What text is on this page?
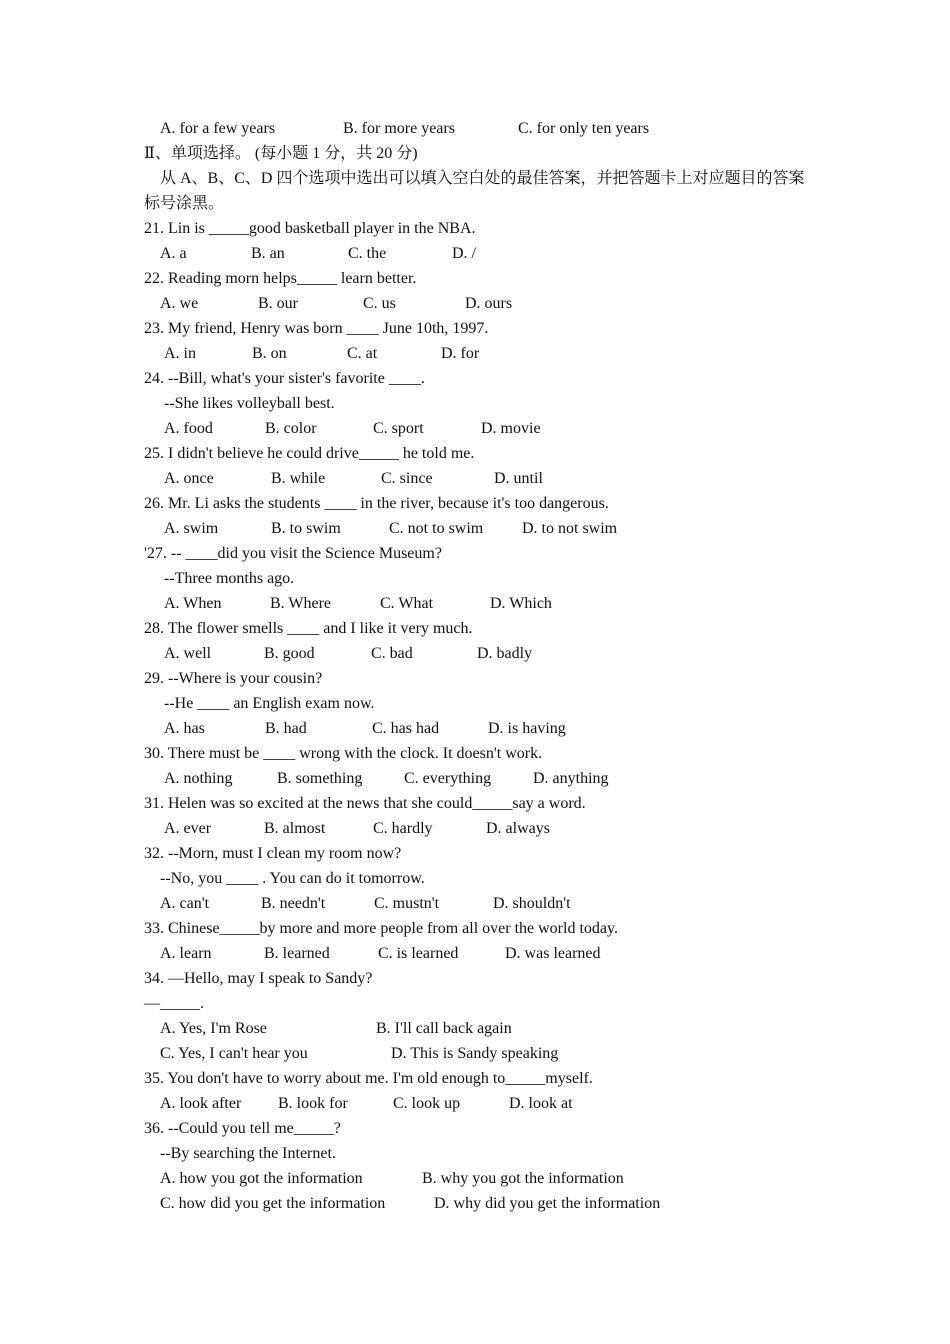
A. for a few years	B. for more years	C. for only ten years
Ⅱ、单项选择。 (每小题 1 分，共 20 分)
从 A、B、C、D 四个选项中选出可以填入空白处的最佳答案，并把答题卡上对应题目的答案
标号涂黑。
21. Lin is _____good basketball player in the NBA.
A. a	B. an	C. the	D. /
22. Reading morn helps_____ learn better.
A. we	B. our	C. us	D. ours
23. My friend, Henry was born ____ June 10th, 1997.
A. in	B. on	C. at	D. for
24. --Bill, what's your sister's favorite ____.
--She likes volleyball best.
A. food	B. color	C. sport	D. movie
25. I didn't believe he could drive_____ he told me.
A. once	B. while	C. since	D. until
26. Mr. Li asks the students ____ in the river, because it's too dangerous.
A. swim	B. to swim	C. not to swim D. to not swim
'27. -- ____did you visit the Science Museum?
--Three months ago.
A. When	B. Where	C. What	D. Which
28. The flower smells ____ and I like it very much.
A. well	B. good	C. bad	D. badly
29. --Where is your cousin?
--He ____ an English exam now.
A. has	B. had	C. has had	D. is having
30. There must be ____ wrong with the clock. It doesn't work.
A. nothing	B. something	C. everything	D. anything
31. Helen was so excited at the news that she could_____say a word.
A. ever	B. almost	C. hardly	D. always
32. --Morn, must I clean my room now?
--No, you ____ . You can do it tomorrow.
A. can't	B. needn't	C. mustn't	D. shouldn't
33. Chinese_____by more and more people from all over the world today.
A. learn	B. learned	C. is learned	D. was learned
34. —Hello, may I speak to Sandy?
—_____.
A. Yes, I'm Rose	B. I'll call back again
C. Yes, I can't hear you	D. This is Sandy speaking
35. You don't have to worry about me. I'm old enough to_____myself.
A. look after B. look for	C. look up	D. look at
36. --Could you tell me_____?
--By searching the Internet.
A. how you got the information	B. why you got the information
C. how did you get the information	D. why did you get the information
